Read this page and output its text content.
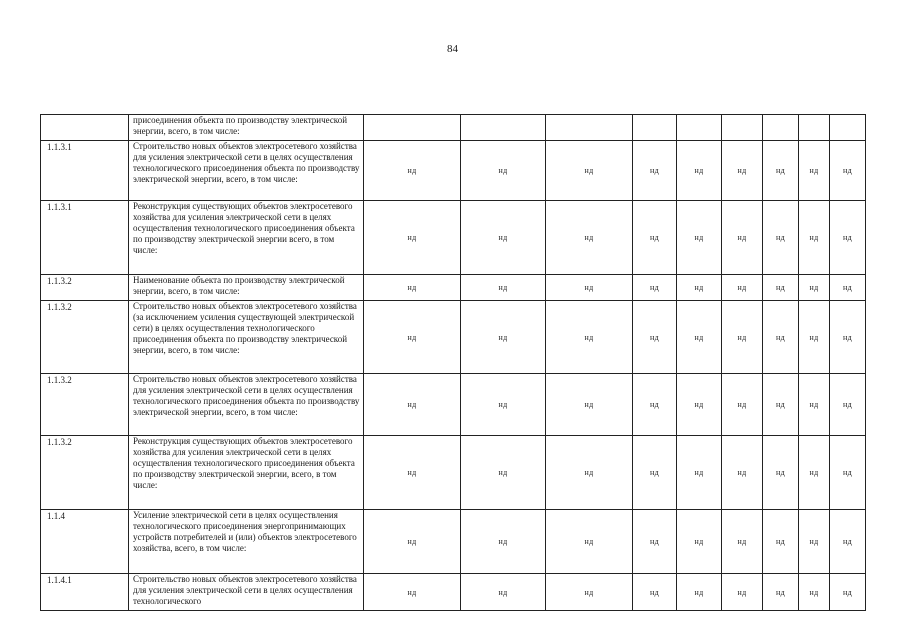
84
	присоединения объекта по производству электрической энергии, всего, в том числе:									
1.1.3.1	Строительство новых объектов электросетевого хозяйства для усиления электрической сети в целях осуществления технологического присоединения объекта по производству электрической энергии, всего, в том числе:	нд	нд	нд	нд	нд	нд	нд	нд	нд
1.1.3.1	Реконструкция существующих объектов электросетевого хозяйства для усиления электрической сети в целях осуществления технологического присоединения объекта по производству электрической энергии всего, в том числе:	нд	нд	нд	нд	нд	нд	нд	нд	нд
1.1.3.2	Наименование объекта по производству электрической энергии, всего, в том числе:	нд	нд	нд	нд	нд	нд	нд	нд	нд
1.1.3.2	Строительство новых объектов электросетевого хозяйства (за исключением усиления существующей электрической сети) в целях осуществления технологического присоединения объекта по производству электрической энергии, всего, в том числе:	нд	нд	нд	нд	нд	нд	нд	нд	нд
1.1.3.2	Строительство новых объектов электросетевого хозяйства для усиления электрической сети в целях осуществления технологического присоединения объекта по производству электрической энергии, всего, в том числе:	нд	нд	нд	нд	нд	нд	нд	нд	нд
1.1.3.2	Реконструкция существующих объектов электросетевого хозяйства для усиления электрической сети в целях осуществления технологического присоединения объекта по производству электрической энергии, всего, в том числе:	нд	нд	нд	нд	нд	нд	нд	нд	нд
1.1.4	Усиление электрической сети в целях осуществления технологического присоединения энергопринимающих устройств потребителей и (или) объектов электросетевого хозяйства, всего, в том числе:	нд	нд	нд	нд	нд	нд	нд	нд	нд
1.1.4.1	Строительство новых объектов электросетевого хозяйства для усиления электрической сети в целях осуществления технологического	нд	нд	нд	нд	нд	нд	нд	нд	нд
